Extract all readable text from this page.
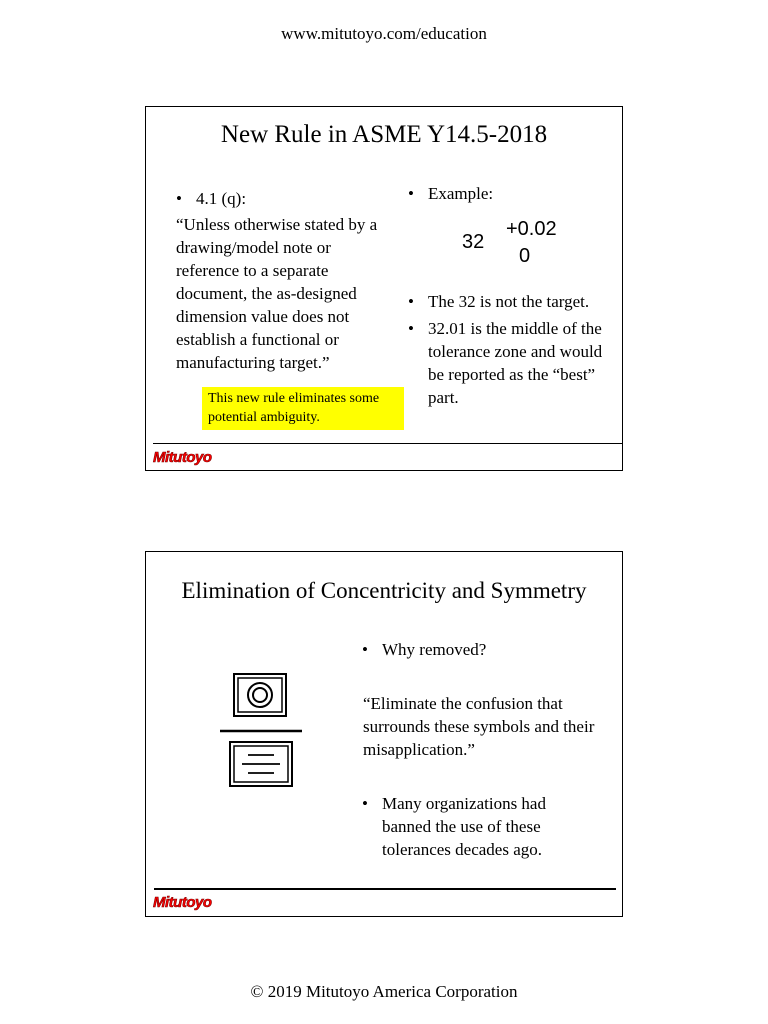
www.mitutoyo.com/education
New Rule in ASME Y14.5-2018
• 4.1 (q):
“Unless otherwise stated by a drawing/model note or reference to a separate document, the as-designed dimension value does not establish a functional or manufacturing target.”
This new rule eliminates some potential ambiguity.
• Example:
32
+0.02
0
• The 32 is not the target.
• 32.01 is the middle of the tolerance zone and would be reported as the “best” part.
Mitutoyo
Elimination of Concentricity and Symmetry
• Why removed?
“Eliminate the confusion that surrounds these symbols and their misapplication.”
• Many organizations had banned the use of these tolerances decades ago.
Mitutoyo
© 2019 Mitutoyo America Corporation
